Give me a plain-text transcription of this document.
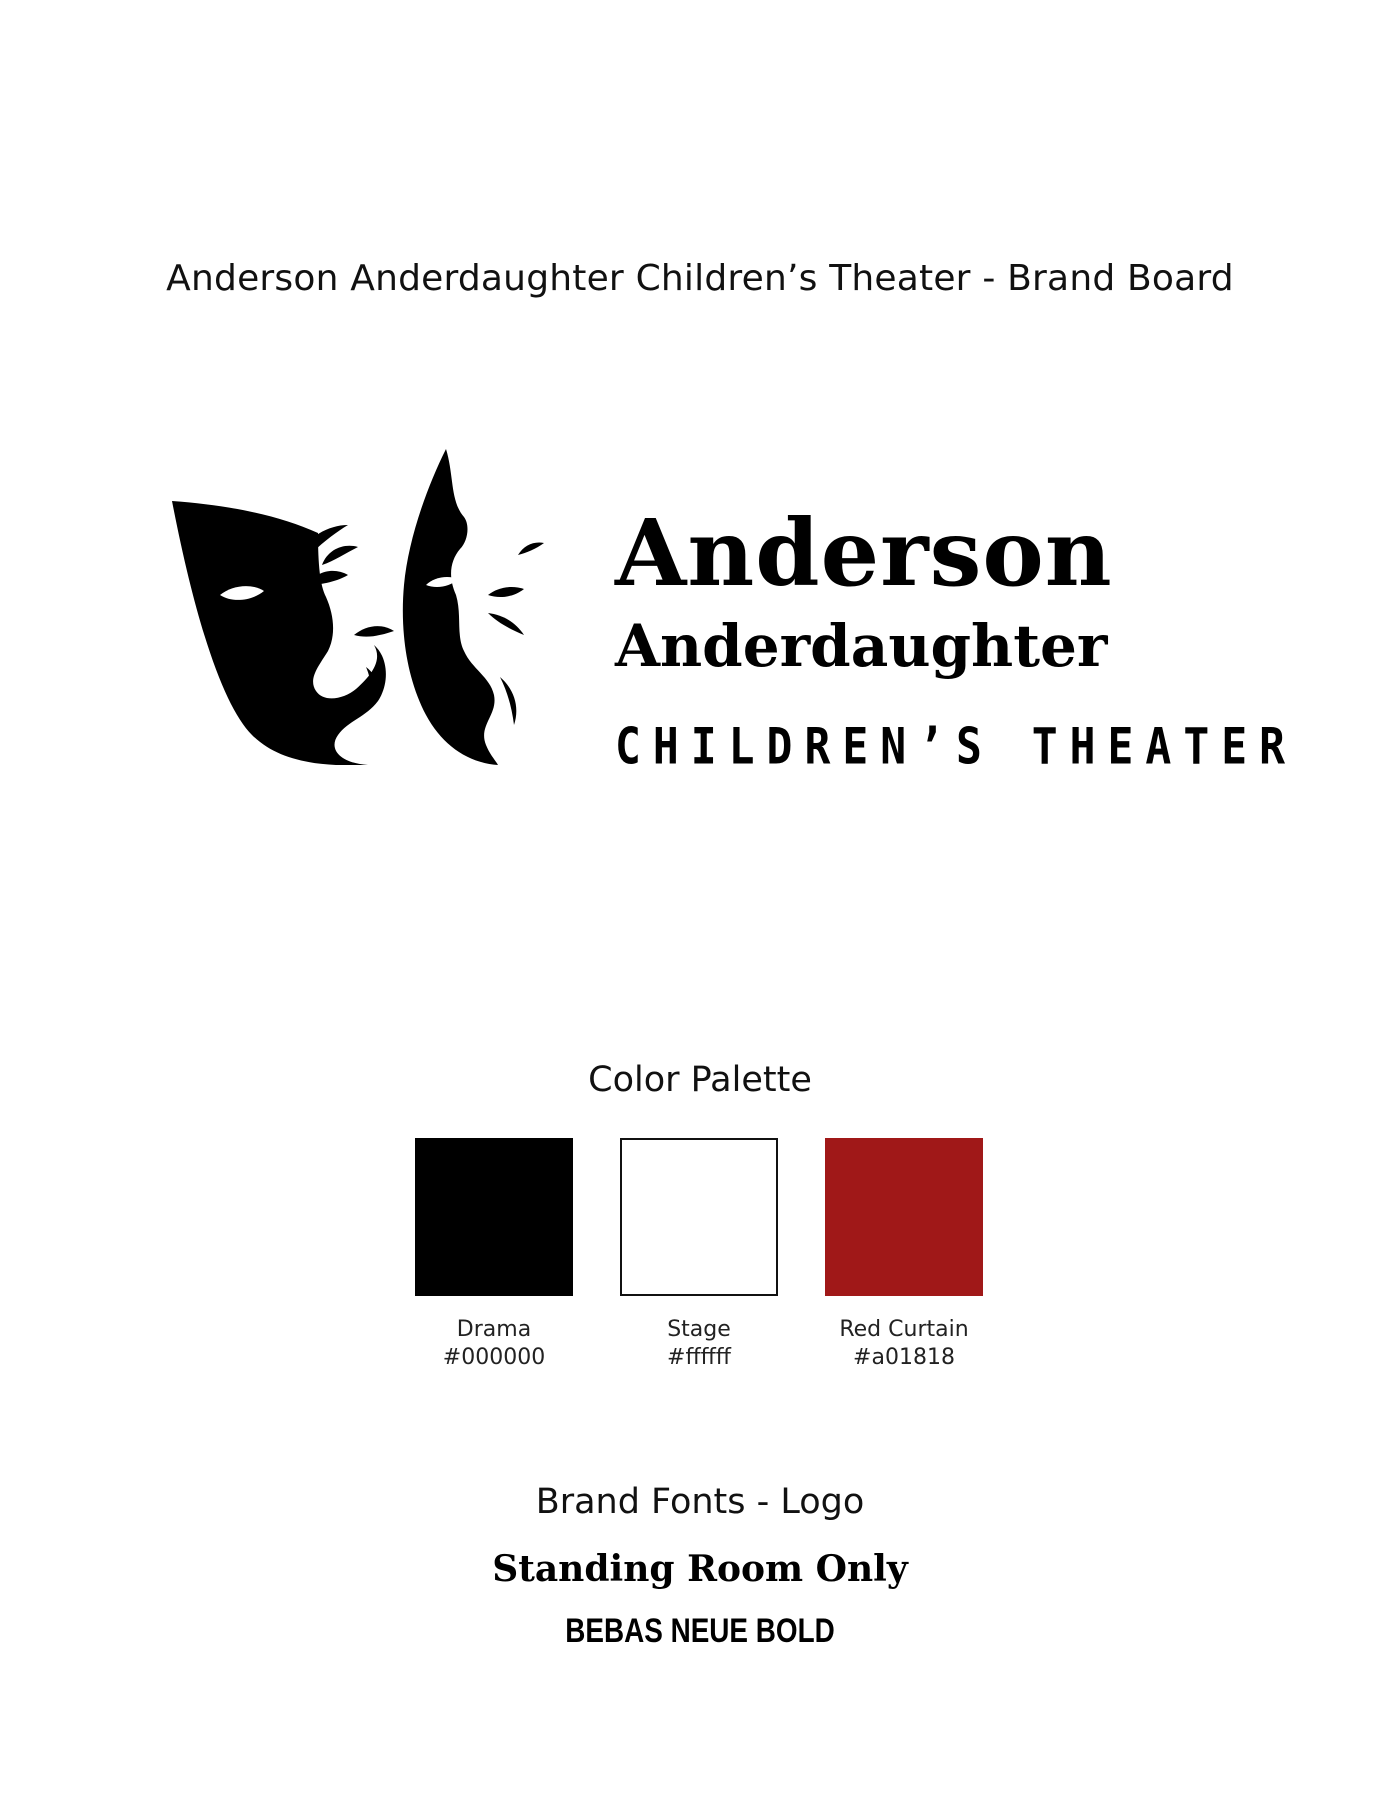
Anderson Anderdaughter Children’s Theater - Brand Board
Anderson
Anderdaughter
CHILDREN’S THEATER
Color Palette
Drama
#000000
Stage
#ffffff
Red Curtain
#a01818
Brand Fonts - Logo
Standing Room Only
BEBAS NEUE BOLD
